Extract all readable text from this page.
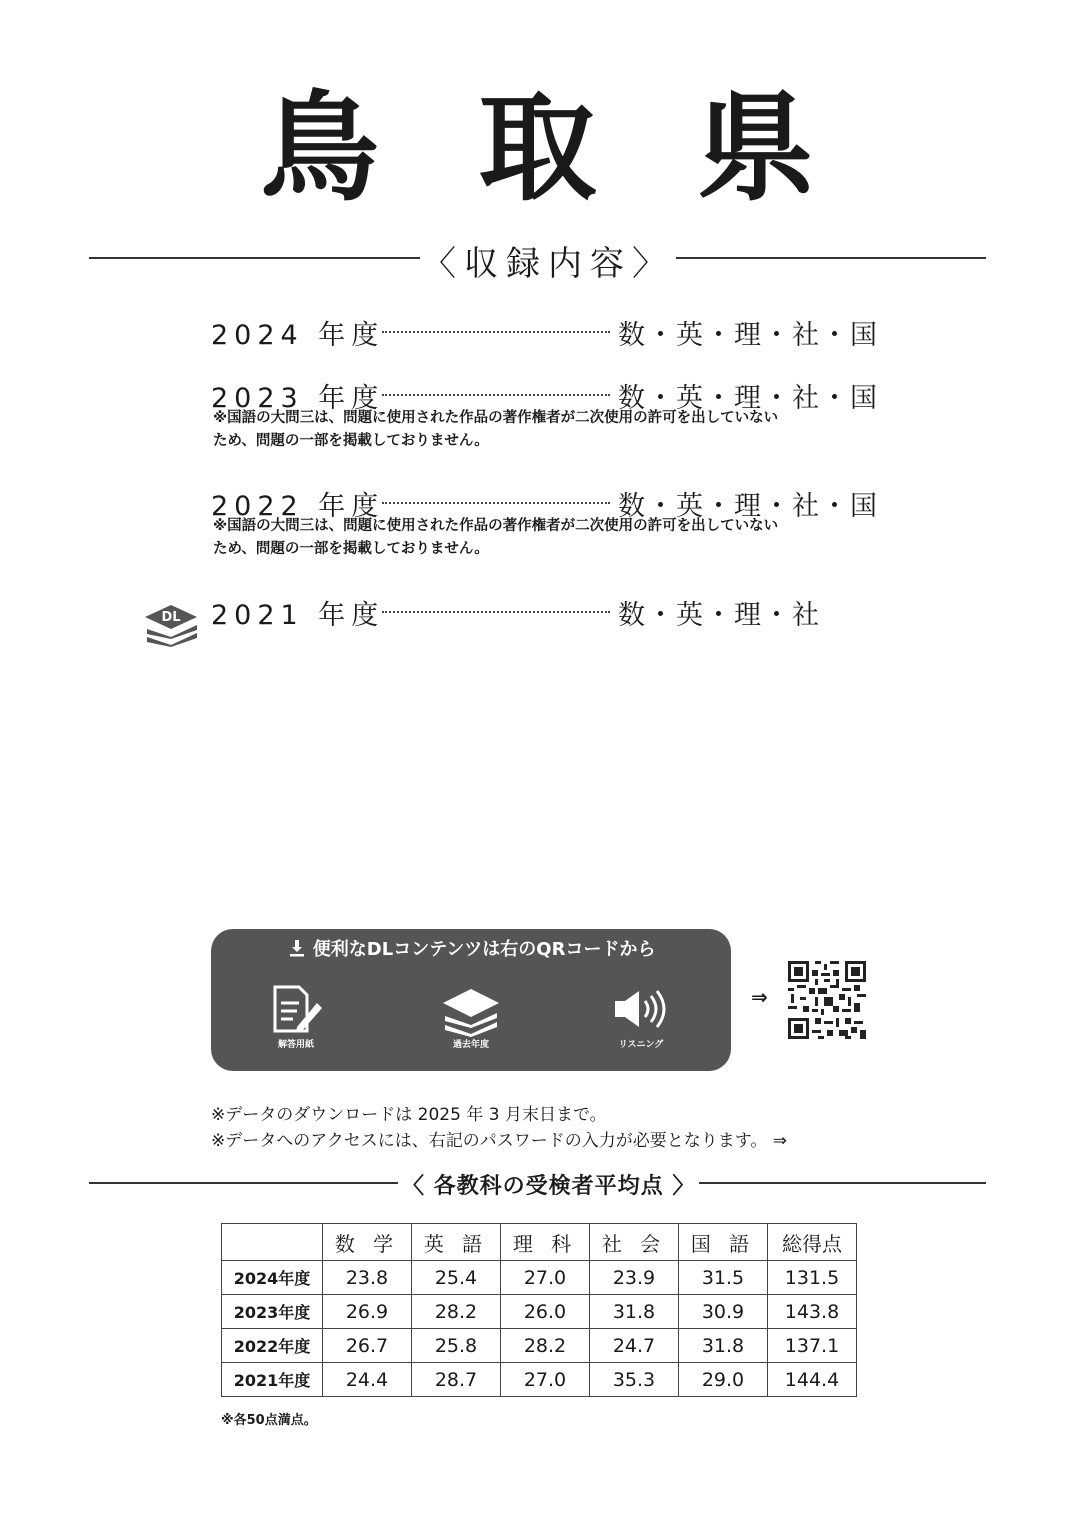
鳥取県
〈収録内容〉
2024 年度	数・英・理・社・国
2023 年度	数・英・理・社・国
※国語の大問三は、問題に使用された作品の著作権者が二次使用の許可を出していない
ため、問題の一部を掲載しておりません。
2022 年度	数・英・理・社・国
※国語の大問三は、問題に使用された作品の著作権者が二次使用の許可を出していない
ため、問題の一部を掲載しておりません。
DL 2021 年度	数・英・理・社
便利なDLコンテンツは右のQRコードから
解答用紙	過去年度	リスニング
⇒
※データのダウンロードは 2025 年 3 月末日まで。
※データへのアクセスには、右記のパスワードの入力が必要となります。 ⇒
〈 各教科の受検者平均点 〉
	数 学	英 語	理 科	社 会	国 語	総得点
2024年度	23.8	25.4	27.0	23.9	31.5	131.5
2023年度	26.9	28.2	26.0	31.8	30.9	143.8
2022年度	26.7	25.8	28.2	24.7	31.8	137.1
2021年度	24.4	28.7	27.0	35.3	29.0	144.4
※各50点満点。
